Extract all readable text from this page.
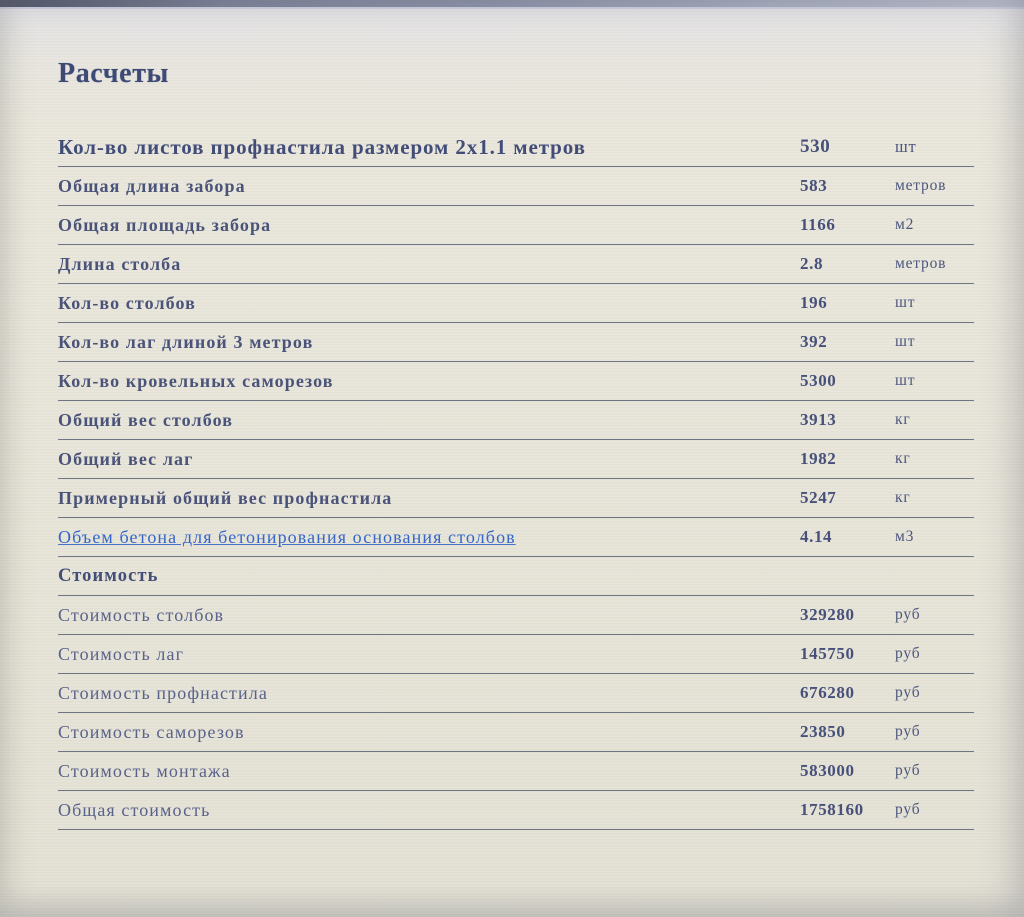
Расчеты
Кол-во листов профнастила размером 2х1.1 метров	530	шт
Общая длина забора	583	метров
Общая площадь забора	1166	м2
Длина столба	2.8	метров
Кол-во столбов	196	шт
Кол-во лаг длиной 3 метров	392	шт
Кол-во кровельных саморезов	5300	шт
Общий вес столбов	3913	кг
Общий вес лаг	1982	кг
Примерный общий вес профнастила	5247	кг
Объем бетона для бетонирования основания столбов	4.14	м3
Стоимость
Стоимость столбов	329280	руб
Стоимость лаг	145750	руб
Стоимость профнастила	676280	руб
Стоимость саморезов	23850	руб
Стоимость монтажа	583000	руб
Общая стоимость	1758160	руб
